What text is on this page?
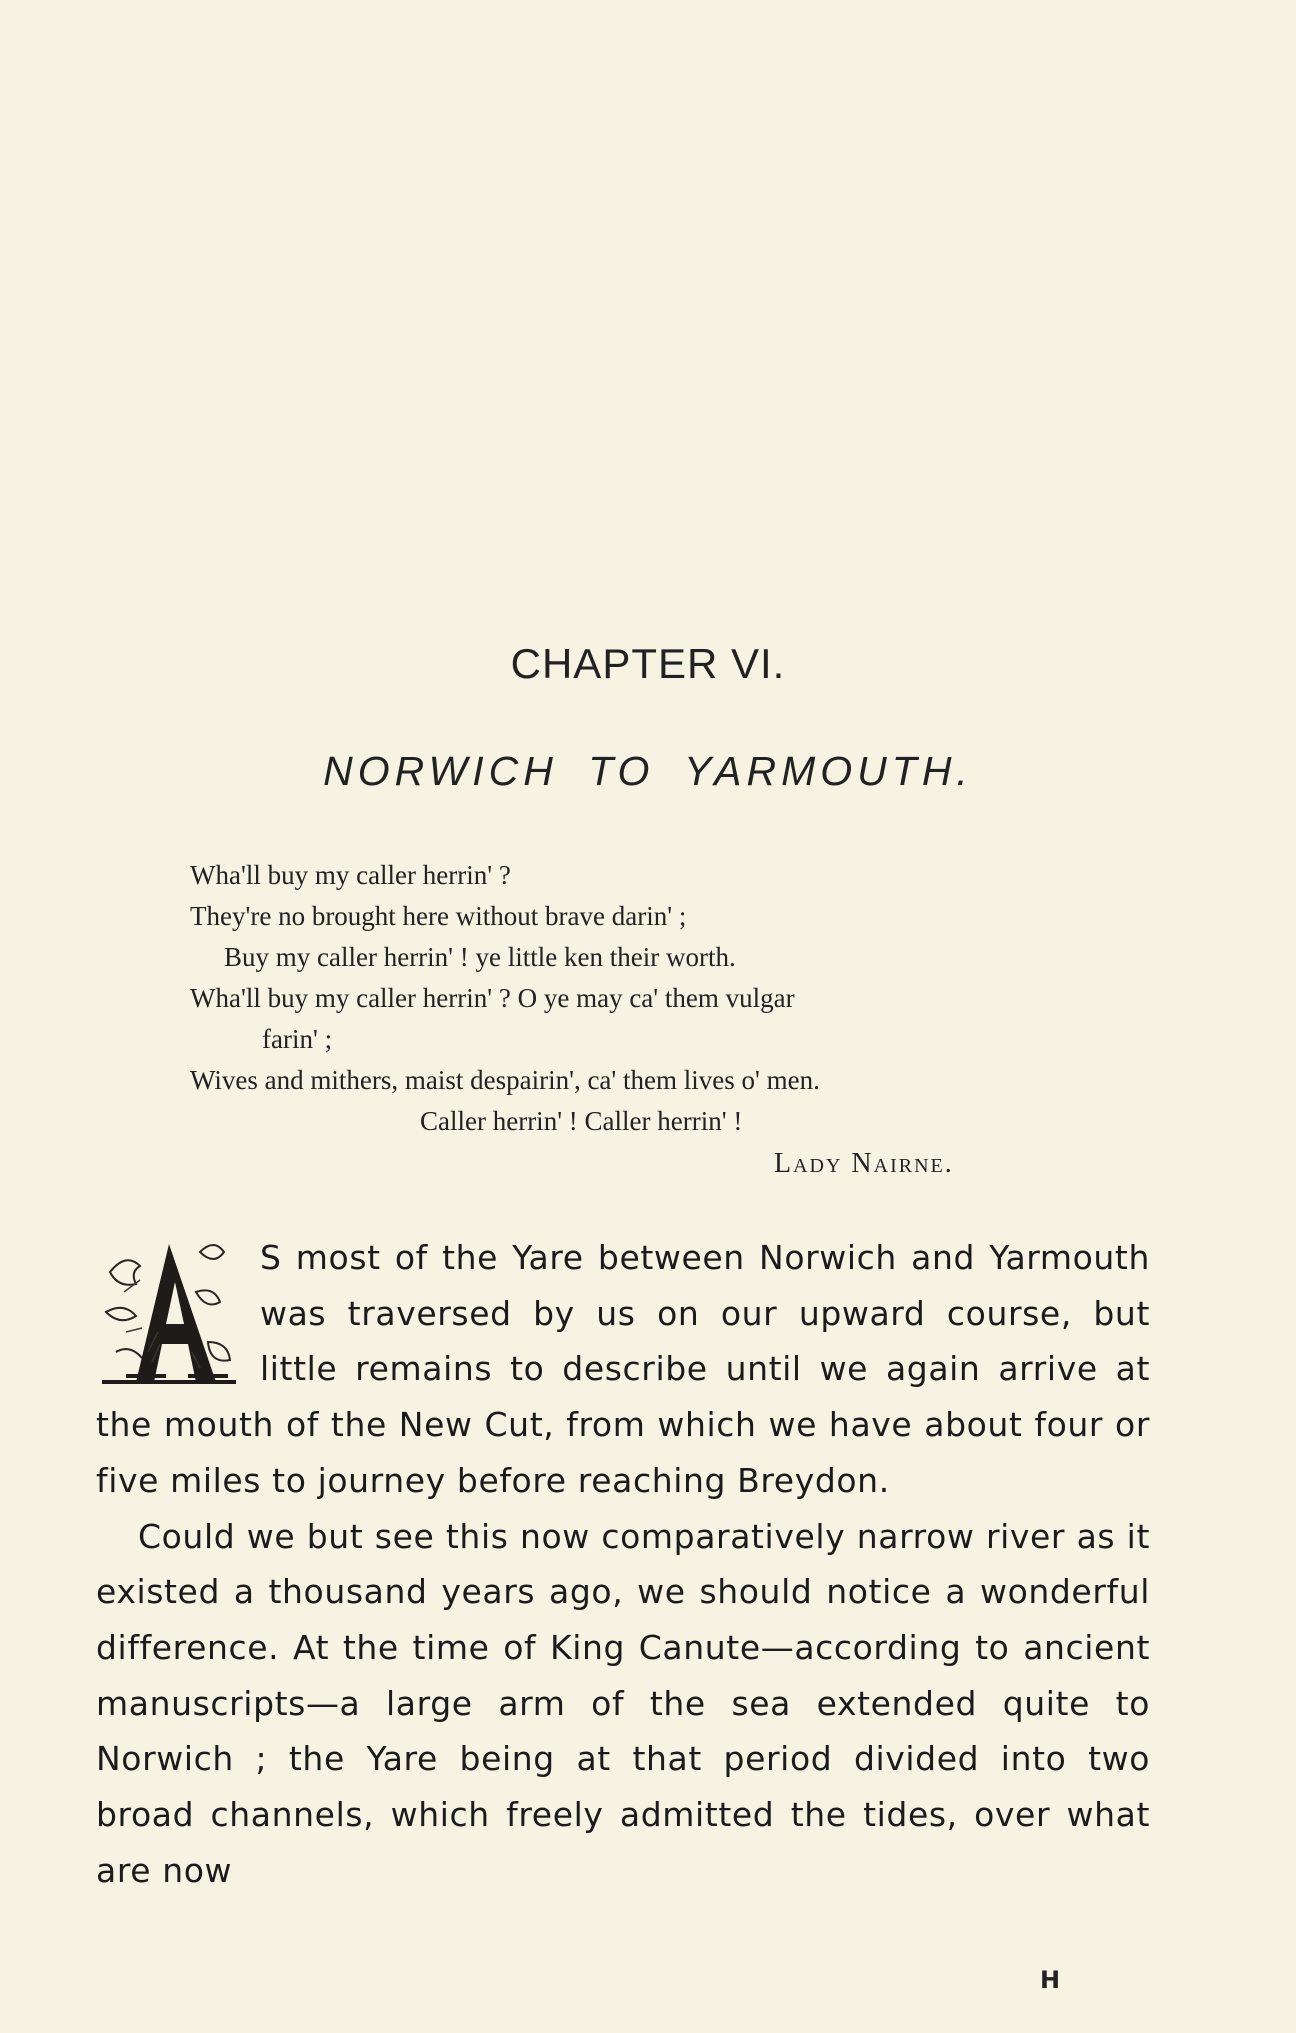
CHAPTER VI.
NORWICH TO YARMOUTH.
Wha'll buy my caller herrin' ?
They're no brought here without brave darin' ;
Buy my caller herrin' ! ye little ken their worth.
Wha'll buy my caller herrin' ? O ye may ca' them vulgar
farin' ;
Wives and mithers, maist despairin', ca' them lives o' men.
Caller herrin' ! Caller herrin' !
Lady Nairne.

S most of the Yare between Norwich and Yarmouth was traversed by us on our upward course, but little remains to describe until we again arrive at the mouth of the New Cut, from which we have about four or five miles to journey before reaching Breydon.

Could we but see this now comparatively narrow river as it existed a thousand years ago, we should notice a wonderful difference. At the time of King Canute—according to ancient manuscripts—a large arm of the sea extended quite to Norwich ; the Yare being at that period divided into two broad channels, which freely admitted the tides, over what are now

H
